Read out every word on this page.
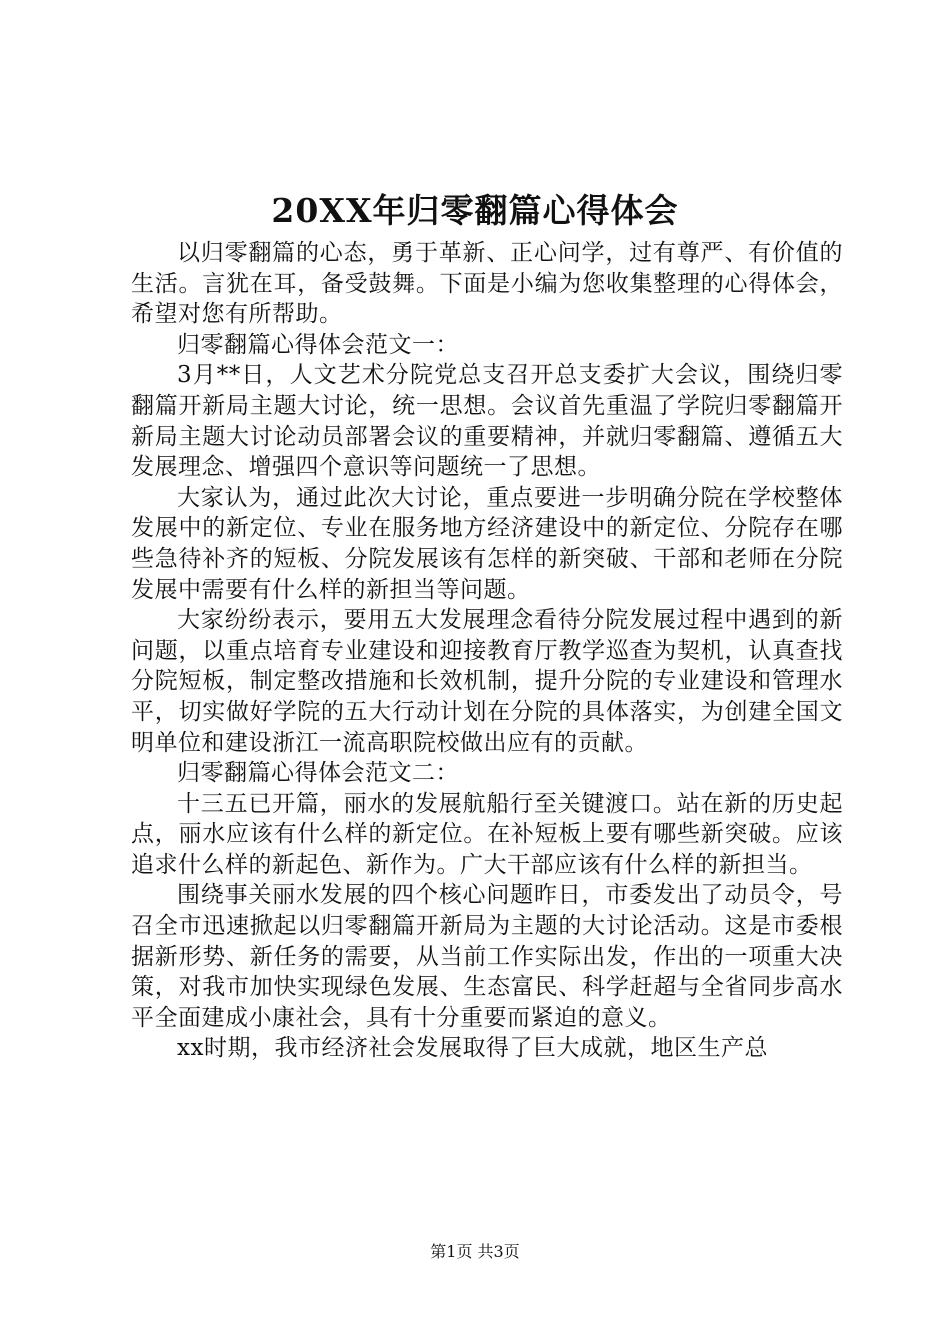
20XX年归零翻篇心得体会

以归零翻篇的心态，勇于革新、正心问学，过有尊严、有价值的生活。言犹在耳，备受鼓舞。下面是小编为您收集整理的心得体会，希望对您有所帮助。

归零翻篇心得体会范文一：

3月**日，人文艺术分院党总支召开总支委扩大会议，围绕归零翻篇开新局主题大讨论，统一思想。会议首先重温了学院归零翻篇开新局主题大讨论动员部署会议的重要精神，并就归零翻篇、遵循五大发展理念、增强四个意识等问题统一了思想。

大家认为，通过此次大讨论，重点要进一步明确分院在学校整体发展中的新定位、专业在服务地方经济建设中的新定位、分院存在哪些急待补齐的短板、分院发展该有怎样的新突破、干部和老师在分院发展中需要有什么样的新担当等问题。

大家纷纷表示，要用五大发展理念看待分院发展过程中遇到的新问题，以重点培育专业建设和迎接教育厅教学巡查为契机，认真查找分院短板，制定整改措施和长效机制，提升分院的专业建设和管理水平，切实做好学院的五大行动计划在分院的具体落实，为创建全国文明单位和建设浙江一流高职院校做出应有的贡献。

归零翻篇心得体会范文二：

十三五已开篇，丽水的发展航船行至关键渡口。站在新的历史起点，丽水应该有什么样的新定位。在补短板上要有哪些新突破。应该追求什么样的新起色、新作为。广大干部应该有什么样的新担当。

围绕事关丽水发展的四个核心问题昨日，市委发出了动员令，号召全市迅速掀起以归零翻篇开新局为主题的大讨论活动。这是市委根据新形势、新任务的需要，从当前工作实际出发，作出的一项重大决策，对我市加快实现绿色发展、生态富民、科学赶超与全省同步高水平全面建成小康社会，具有十分重要而紧迫的意义。

xx时期，我市经济社会发展取得了巨大成就，地区生产总

第1页 共3页
